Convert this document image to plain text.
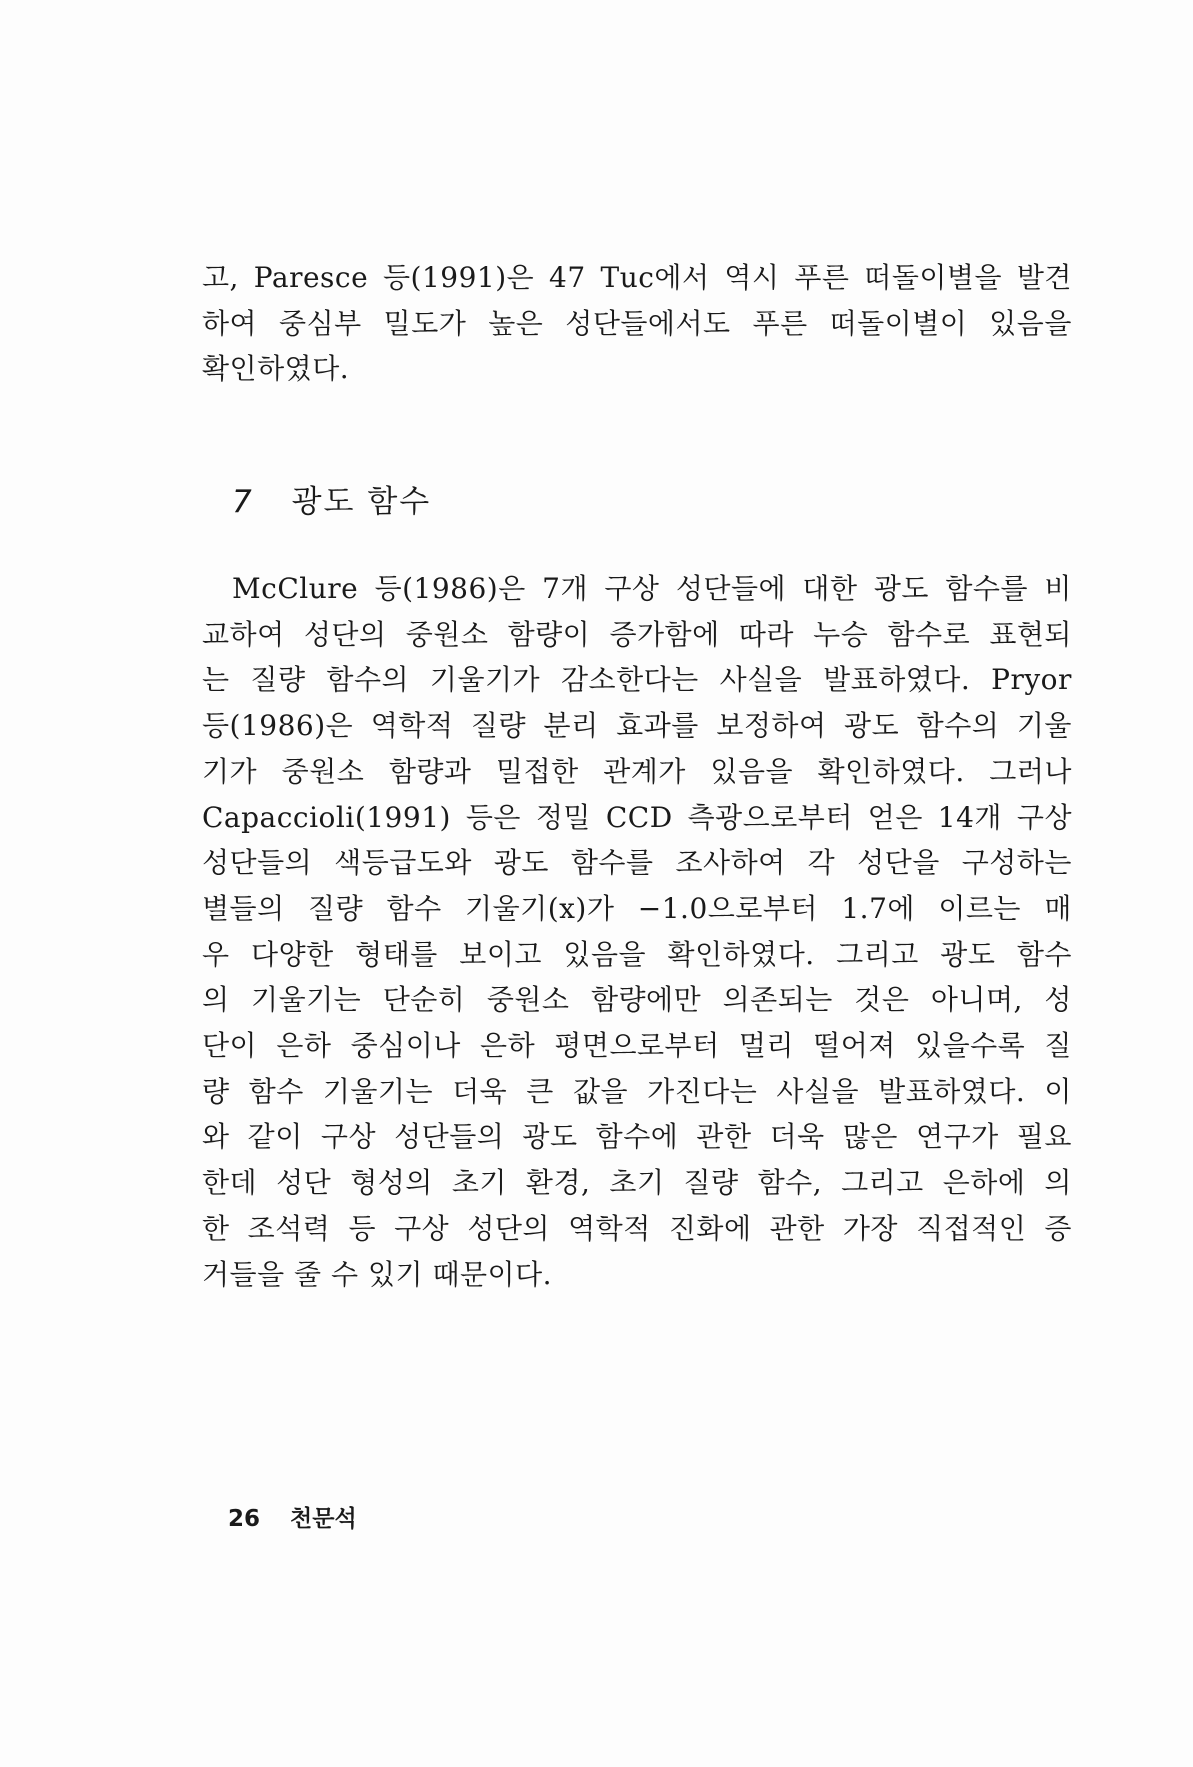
고, Paresce 등(1991)은 47 Tuc에서 역시 푸른 떠돌이별을 발견
하여 중심부 밀도가 높은 성단들에서도 푸른 떠돌이별이 있음을
확인하였다.
7 광도 함수
McClure 등(1986)은 7개 구상 성단들에 대한 광도 함수를 비
교하여 성단의 중원소 함량이 증가함에 따라 누승 함수로 표현되
는 질량 함수의 기울기가 감소한다는 사실을 발표하였다. Pryor
등(1986)은 역학적 질량 분리 효과를 보정하여 광도 함수의 기울
기가 중원소 함량과 밀접한 관계가 있음을 확인하였다. 그러나
Capaccioli(1991) 등은 정밀 CCD 측광으로부터 얻은 14개 구상
성단들의 색등급도와 광도 함수를 조사하여 각 성단을 구성하는
별들의 질량 함수 기울기(x)가 −1.0으로부터 1.7에 이르는 매
우 다양한 형태를 보이고 있음을 확인하였다. 그리고 광도 함수
의 기울기는 단순히 중원소 함량에만 의존되는 것은 아니며, 성
단이 은하 중심이나 은하 평면으로부터 멀리 떨어져 있을수록 질
량 함수 기울기는 더욱 큰 값을 가진다는 사실을 발표하였다. 이
와 같이 구상 성단들의 광도 함수에 관한 더욱 많은 연구가 필요
한데 성단 형성의 초기 환경, 초기 질량 함수, 그리고 은하에 의
한 조석력 등 구상 성단의 역학적 진화에 관한 가장 직접적인 증
거들을 줄 수 있기 때문이다.
26 천문석
